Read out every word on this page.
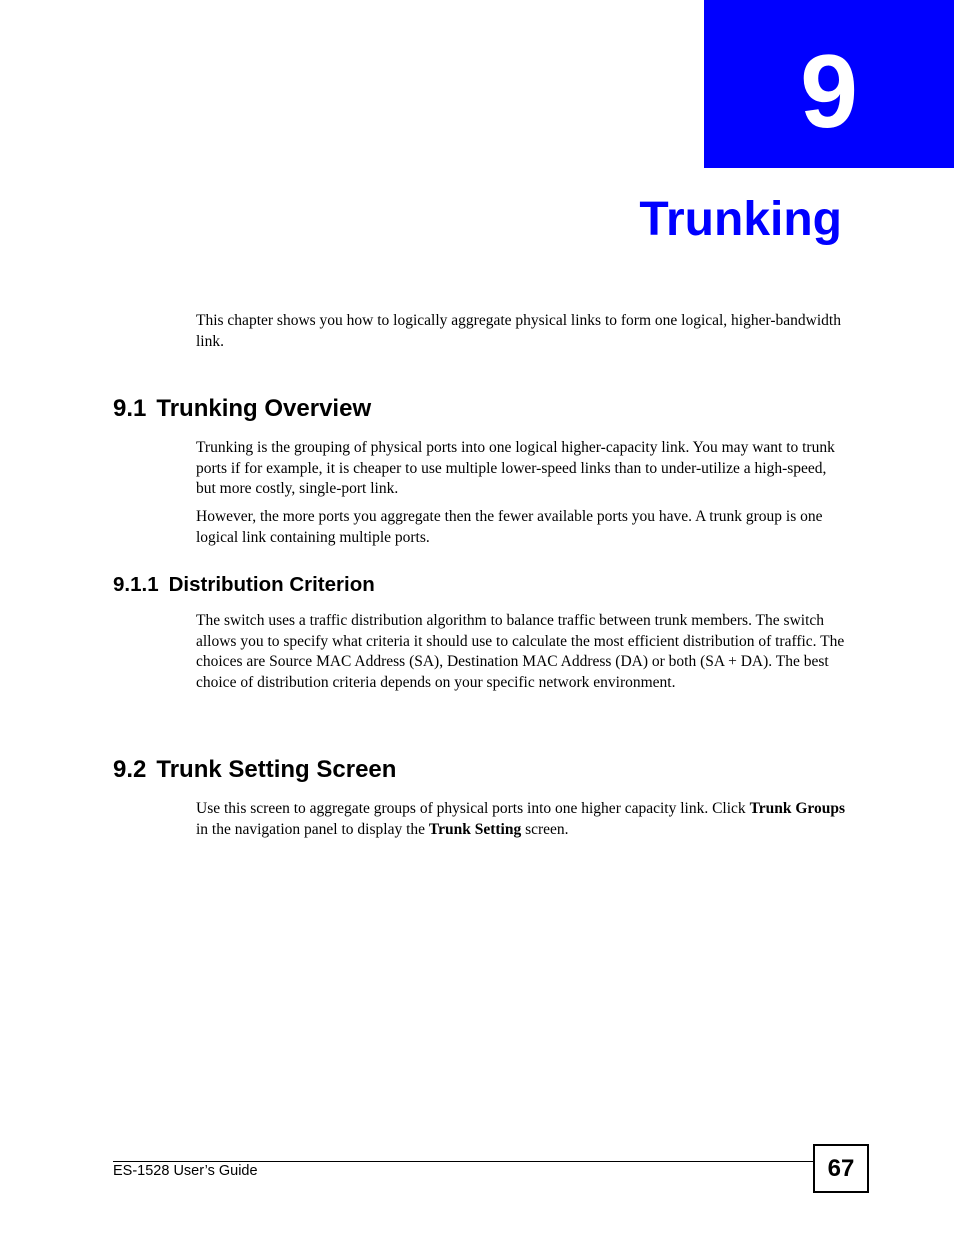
9
Trunking

This chapter shows you how to logically aggregate physical links to form one logical, higher-bandwidth link.

9.1 Trunking Overview

Trunking is the grouping of physical ports into one logical higher-capacity link. You may want to trunk ports if for example, it is cheaper to use multiple lower-speed links than to under-utilize a high-speed, but more costly, single-port link.

However, the more ports you aggregate then the fewer available ports you have. A trunk group is one logical link containing multiple ports.

9.1.1 Distribution Criterion

The switch uses a traffic distribution algorithm to balance traffic between trunk members. The switch allows you to specify what criteria it should use to calculate the most efficient distribution of traffic. The choices are Source MAC Address (SA), Destination MAC Address (DA) or both (SA + DA). The best choice of distribution criteria depends on your specific network environment.

9.2 Trunk Setting Screen

Use this screen to aggregate groups of physical ports into one higher capacity link. Click Trunk Groups in the navigation panel to display the Trunk Setting screen.

ES-1528 User’s Guide	67
